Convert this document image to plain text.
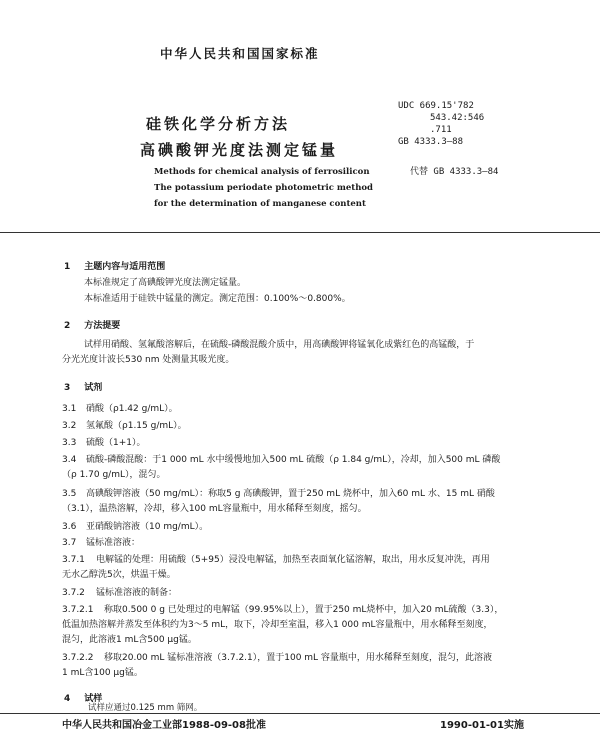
中华人民共和国国家标准
硅铁化学分析方法
高碘酸钾光度法测定锰量
UDC 669.15'782
543.42:546
.711
GB 4333.3—88
Methods for chemical analysis of ferrosilicon
The potassium periodate photometric method
for the determination of manganese content
代替 GB 4333.3—84
1 主题内容与适用范围
本标准规定了高碘酸钾光度法测定锰量。
本标准适用于硅铁中锰量的测定。测定范围：0.100%～0.800%。
2 方法提要
试样用硝酸、氢氟酸溶解后，在硫酸-磷酸混酸介质中，用高碘酸钾将锰氧化成紫红色的高锰酸，于
分光光度计波长530 nm 处测量其吸光度。
3 试剂
3.1 硝酸（ρ1.42 g/mL）。
3.2 氢氟酸（ρ1.15 g/mL）。
3.3 硫酸（1+1）。
3.4 硫酸-磷酸混酸：于1 000 mL 水中缓慢地加入500 mL 硫酸（ρ 1.84 g/mL），冷却，加入500 mL 磷酸
（ρ 1.70 g/mL），混匀。
3.5 高碘酸钾溶液（50 mg/mL）：称取5 g 高碘酸钾，置于250 mL 烧杯中，加入60 mL 水、15 mL 硝酸
（3.1），温热溶解，冷却，移入100 mL容量瓶中，用水稀释至刻度，摇匀。
3.6 亚硝酸钠溶液（10 mg/mL）。
3.7 锰标准溶液：
3.7.1 电解锰的处理：用硫酸（5+95）浸没电解锰，加热至表面氧化锰溶解，取出，用水反复冲洗，再用
无水乙醇洗5次，烘温干燥。
3.7.2 锰标准溶液的制备：
3.7.2.1 称取0.500 0 g 已处理过的电解锰（99.95%以上），置于250 mL烧杯中，加入20 mL硫酸（3.3），
低温加热溶解并蒸发至体积约为3～5 mL，取下，冷却至室温，移入1 000 mL容量瓶中，用水稀释至刻度，
混匀，此溶液1 mL含500 μg锰。
3.7.2.2 移取20.00 mL 锰标准溶液（3.7.2.1），置于100 mL 容量瓶中，用水稀释至刻度，混匀，此溶液
1 mL含100 μg锰。
4 试样
试样应通过0.125 mm 筛网。
中华人民共和国冶金工业部1988-09-08批准	1990-01-01实施
